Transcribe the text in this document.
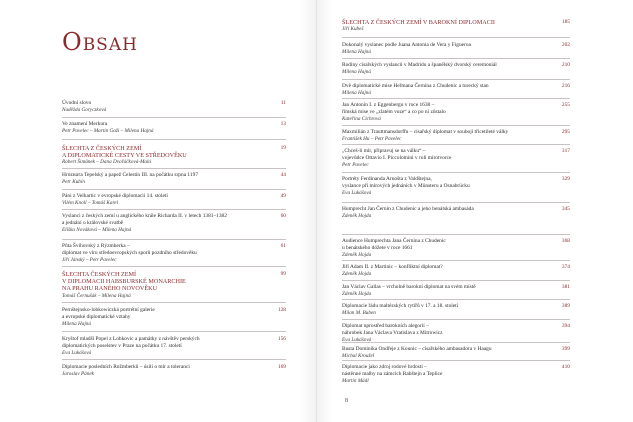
OBSAH
Úvodní slovo
Naděžda Goryczková
11
Ve znamení Merkura
Petr Pavelec – Martin Gaži – Milena Hajná
13
ŠLECHTA Z ČESKÝCH ZEMÍ
A DIPLOMATICKÉ CESTY VE STŘEDOVĚKU
Robert Šimůnek – Dana Dvořáčková-Malá
19
Hrozната Tepelský a papež Celestin III. na počátku srpna 1197
Petr Kubín
44
Páni z Velhartic v evropské diplomacii 14. století
Vilém Knoll – Tomáš Karel
49
Vyslanci z českých zemí u anglického krále Richarda II. v letech 1381–1382
a jednání o královské svatbě
Eliška Nováková – Milena Hajná
60
Půta Švihovský z Rýzmberka –
diplomat ve víru středoevropských sporů pozdního středověku
Jiří Jánský – Petr Pavelec
61
ŠLECHTA ČESKÝCH ZEMÍ
V DIPLOMACII HABSBURSKÉ MONARCHIE
NA PRAHU RANÉHO NOVOVĚKU
Tomáš Černušák – Milena Hajná
99
Pernštejnsko-lobkowiczká portrétní galerie
a evropské diplomatické vztahy
Milena Hajná
128
Kryštof mladší Popel z Lobkovic a památky z návštěv perských
diplomatických poselstev v Praze na počátku 17. století
Eva Lukášová
156
Diplomacie posledních Rožmberků – úsilí o mír a toleranci
Jaroslav Pánek
169
ŠLECHTA Z ČESKÝCH ZEMÍ V BAROKNÍ DIPLOMACII
Jiří Kubeš
185
Dokonalý vyslanec podle Juana Antonia de Vera y Figueroa
Milena Hajná
202
Rodiny císařských vyslanců v Madridu a španělský dvorský ceremoniál
Milena Hajná
210
Dvě diplomatické mise Heřmana Černína z Chudenic a turecký stan
Milena Hajná
216
Jan Antonín I. z Eggenbergu v roce 1638 –
římská mise ve „zlatém voze“ a co po ní zůstalo
Kateřina Cichrová
255
Maxmilián z Trauttmansdorffu – císařský diplomat v souboji třicetileté války
František Hu – Petr Pavelec
295
„Chceš-li mír, připravuj se na válku“ –
vojevůdce Ottavio I. Piccolomini v roli mírotvorce
Petr Pavelec
317
Portréty Ferdinanda Arnošta z Valdštejna,
vyslance při mírových jednáních v Münsteru a Osnabrücku
Eva Lukášová
329
Humprecht Jan Černín z Chudenic a jeho benátská ambasáda
Zdeněk Hojda
345
Audience Humprechta Jana Černína z Chudenic
u benátského dóžete v roce 1661
Zdeněk Hojda
368
Jiří Adam II. z Martinic – konfliktní diplomat?
Zdeněk Hojda
374
Jan Václav Gallas – vrcholně barokní diplomat na svém místě
Zdeněk Hojda
381
Diplomacie řádu maltézských rytířů v 17. a 18. století
Milan M. Buben
389
Diplomat uprostřed barokních alegorií –
náhrobek Jana Václava Vratislava z Mitrowicz
Eva Lukášová
394
Busta Dominika Ondřeje z Kounic – císařského ambasadora v Haagu
Michal Kroužel
399
Diplomacie jako zdroj rodové hrdosti –
nástěnné malby na zámcích Rabštejn a Teplice
Martin Mádl
410
8
